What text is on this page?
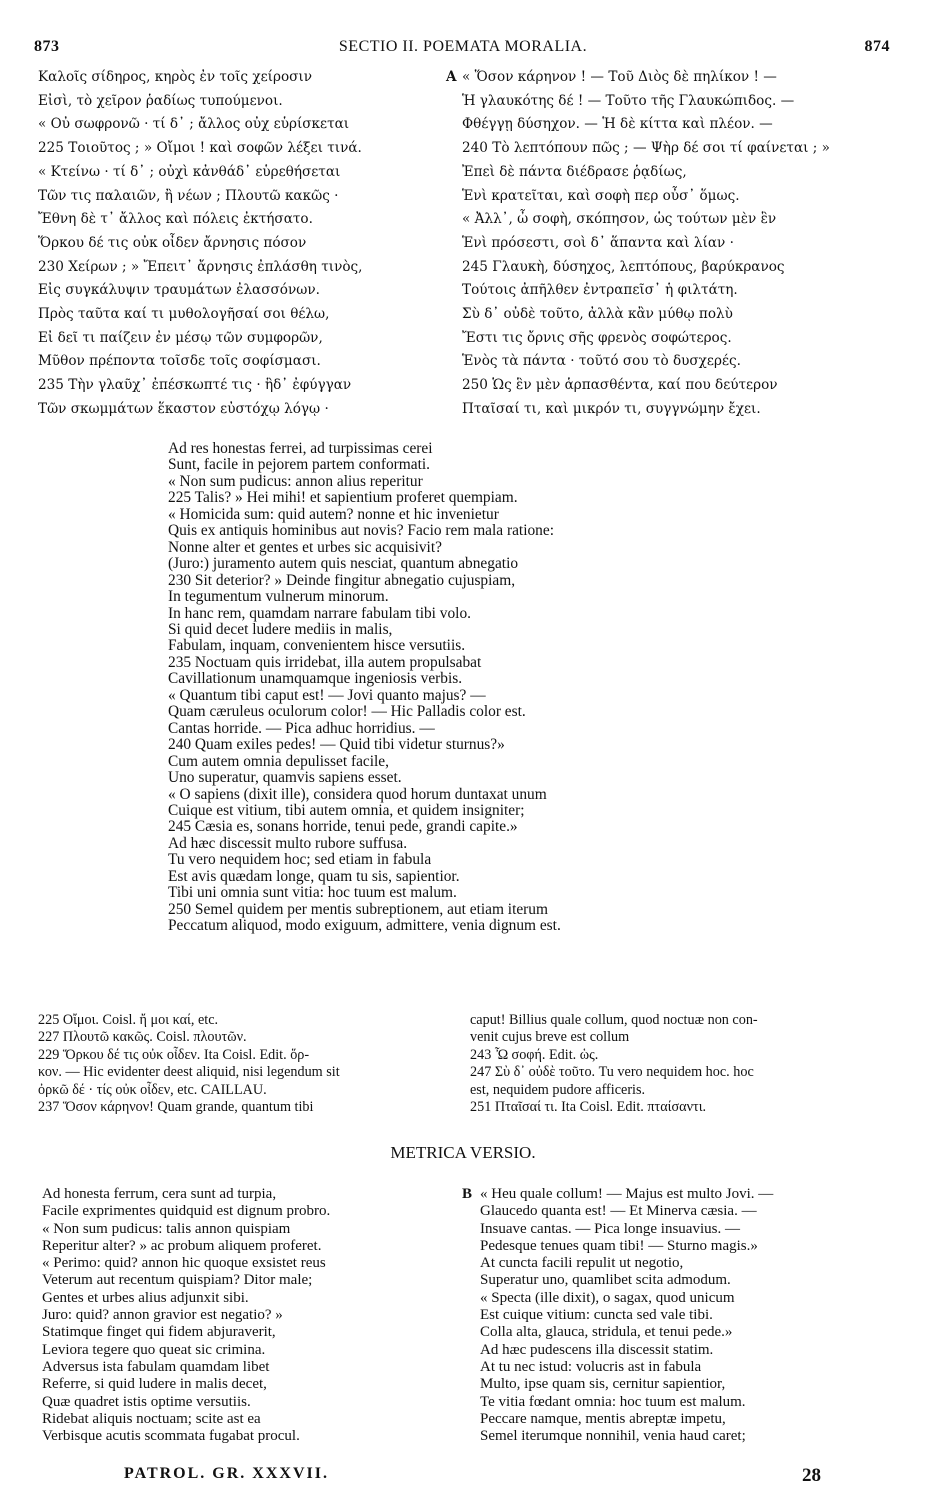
873	SECTIO II. POEMATA MORALIA.	874
Καλοῖς σίδηρος, κηρὸς ἐν τοῖς χείροσιν
Εἰσὶ, τὸ χεῖρον ῥαδίως τυπούμενοι.
« Οὐ σωφρονῶ · τί δ᾽ ; ἄλλος οὐχ εὑρίσκεται
225 Τοιοῦτος ; » Οἴμοι ! καὶ σοφῶν λέξει τινά.
« Κτείνω · τί δ᾽ ; οὐχὶ κἀνθάδ᾽ εὑρεθήσεται
Τῶν τις παλαιῶν, ἢ νέων ; Πλουτῶ κακῶς ·
Ἔθνη δὲ τ᾽ ἄλλος καὶ πόλεις ἐκτήσατο.
Ὅρκου δέ τις οὐκ οἶδεν ἄρνησις πόσον
230 Χείρων ; » Ἔπειτ᾽ ἄρνησις ἐπλάσθη τινὸς,
Εἰς συγκάλυψιν τραυμάτων ἐλασσόνων.
Πρὸς ταῦτα καί τι μυθολογῆσαί σοι θέλω,
Εἰ δεῖ τι παίζειν ἐν μέσῳ τῶν συμφορῶν,
Μῦθον πρέποντα τοῖσδε τοῖς σοφίσμασι.
235 Τὴν γλαῦχ᾽ ἐπέσκωπτέ τις · ἣδ᾽ ἐφύγγαν
Τῶν σκωμμάτων ἕκαστον εὐστόχῳ λόγῳ ·
A « Ὅσον κάρηνον ! — Τοῦ Διὸς δὲ πηλίκον ! —
Ἡ γλαυκότης δέ ! — Τοῦτο τῆς Γλαυκώπιδος. —
Φθέγγῃ δύσηχον. — Ἡ δὲ κίττα καὶ πλέον. —
240 Τὸ λεπτόπουν πῶς ; — Ψὴρ δέ σοι τί φαίνεται ; »
Ἐπεὶ δὲ πάντα διέδρασε ῥᾳδίως,
Ἑνὶ κρατεῖται, καὶ σοφὴ περ οὖσ᾽ ὅμως.
« Ἀλλ᾽, ὦ σοφὴ, σκόπησον, ὡς τούτων μὲν ἓν
Ἑνὶ πρόσεστι, σοὶ δ᾽ ἅπαντα καὶ λίαν ·
245 Γλαυκὴ, δύσηχος, λεπτόπους, βαρύκρανος
Τούτοις ἀπῆλθεν ἐντραπεῖσ᾽ ἡ φιλτάτη.
Σὺ δ᾽ οὐδὲ τοῦτο, ἀλλὰ κἂν μύθῳ πολὺ
Ἔστι τις ὄρνις σῆς φρενὸς σοφώτερος.
Ἑνὸς τὰ πάντα · τοῦτό σου τὸ δυσχερές.
250 Ὡς ἓν μὲν ἁρπασθέντα, καί που δεύτερον
Πταῖσαί τι, καὶ μικρόν τι, συγγνώμην ἔχει.
Ad res honestas ferrei, ad turpissimas cerei
Sunt, facile in pejorem partem conformati.
« Non sum pudicus: annon alius reperitur
225 Talis? » Hei mihi! et sapientium proferet quempiam.
« Homicida sum: quid autem? nonne et hic invenietur
Quis ex antiquis hominibus aut novis? Facio rem mala ratione:
Nonne alter et gentes et urbes sic acquisivit?
(Juro:) juramento autem quis nesciat, quantum abnegatio
230 Sit deterior? » Deinde fingitur abnegatio cujuspiam,
In tegumentum vulnerum minorum.
In hanc rem, quamdam narrare fabulam tibi volo.
Si quid decet ludere mediis in malis,
Fabulam, inquam, convenientem hisce versutiis.
235 Noctuam quis irridebat, illa autem propulsabat
Cavillationum unamquamque ingeniosis verbis.
« Quantum tibi caput est! — Jovi quanto majus? —
Quam cæruleus oculorum color! — Hic Palladis color est.
Cantas horride. — Pica adhuc horridius. —
240 Quam exiles pedes! — Quid tibi videtur sturnus?»
Cum autem omnia depulisset facile,
Uno superatur, quamvis sapiens esset.
« O sapiens (dixit ille), considera quod horum duntaxat unum
Cuique est vitium, tibi autem omnia, et quidem insigniter;
245 Cæsia es, sonans horride, tenui pede, grandi capite.»
Ad hæc discessit multo rubore suffusa.
Tu vero nequidem hoc; sed etiam in fabula
Est avis quædam longe, quam tu sis, sapientior.
Tibi uni omnia sunt vitia: hoc tuum est malum.
250 Semel quidem per mentis subreptionem, aut etiam iterum
Peccatum aliquod, modo exiguum, admittere, venia dignum est.
225 Οἴμοι. Coisl. ἤ μοι καί, etc.
227 Πλουτῶ κακῶς. Coisl. πλουτῶν.
229 Ὅρκου δέ τις οὐκ οἶδεν. Ita Coisl. Edit. ὅρ-
κον. — Hic evidenter deest aliquid, nisi legendum sit
ὀρκῶ δέ · τίς οὐκ οἶδεν, etc. CAILLAU.
237 Ὅσον κάρηνον! Quam grande, quantum tibi
caput! Billius quale collum, quod noctuæ non con-
venit cujus breve est collum
243 Ὦ σοφή. Edit. ὡς.
247 Σὺ δ᾽ οὐδὲ τοῦτο. Tu vero nequidem hoc. hoc
est, nequidem pudore afficeris.
251 Πταῖσαί τι. Ita Coisl. Edit. πταίσαντι.
METRICA VERSIO.
Ad honesta ferrum, cera sunt ad turpia,
Facile exprimentes quidquid est dignum probro.
« Non sum pudicus: talis annon quispiam
Reperitur alter? » ac probum aliquem proferet.
« Perimo: quid? annon hic quoque exsistet reus
Veterum aut recentum quispiam? Ditor male;
Gentes et urbes alius adjunxit sibi.
Juro: quid? annon gravior est negatio? »
Statimque finget qui fidem abjuraverit,
Leviora tegere quo queat sic crimina.
Adversus ista fabulam quamdam libet
Referre, si quid ludere in malis decet,
Quæ quadret istis optime versutiis.
Ridebat aliquis noctuam; scite ast ea
Verbisque acutis scommata fugabat procul.
B « Heu quale collum! — Majus est multo Jovi. —
Glaucedo quanta est! — Et Minerva cæsia. —
Insuave cantas. — Pica longe insuavius. —
Pedesque tenues quam tibi! — Sturno magis.»
At cuncta facili repulit ut negotio,
Superatur uno, quamlibet scita admodum.
« Specta (ille dixit), o sagax, quod unicum
Est cuique vitium: cuncta sed vale tibi.
Colla alta, glauca, stridula, et tenui pede.»
Ad hæc pudescens illa discessit statim.
At tu nec istud: volucris ast in fabula
Multo, ipse quam sis, cernitur sapientior,
Te vitia fœdant omnia: hoc tuum est malum.
Peccare namque, mentis abreptæ impetu,
Semel iterumque nonnihil, venia haud caret;
PATROL. GR. XXXVII.	28
